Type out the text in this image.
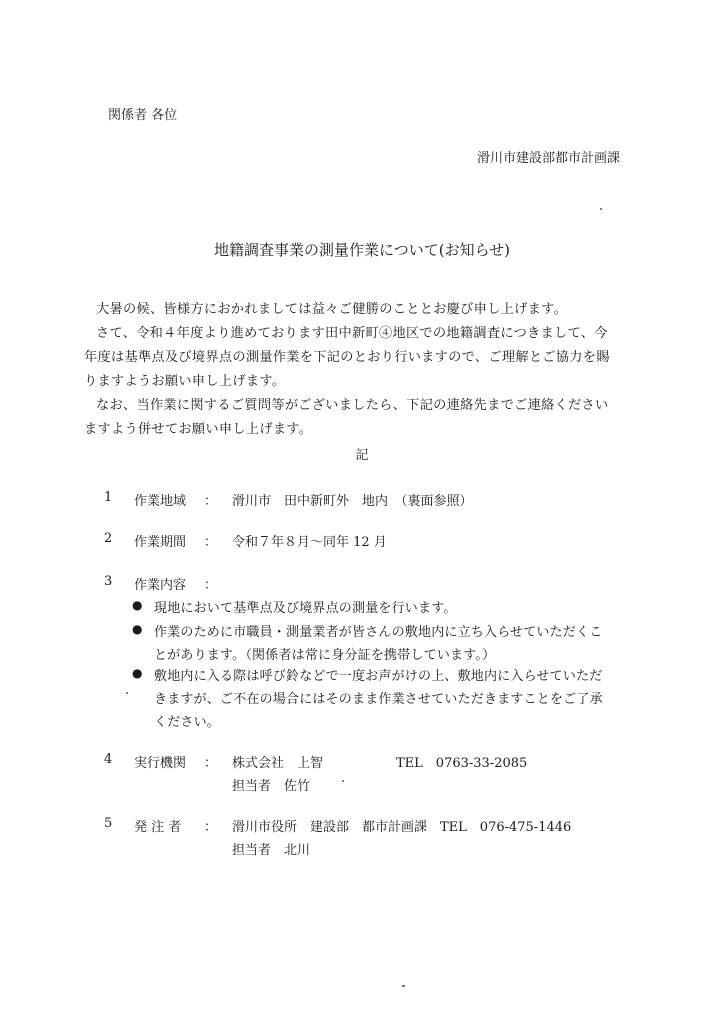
関係者 各位
滑川市建設部都市計画課
地籍調査事業の測量作業について(お知らせ)
大暑の候、皆様方におかれましては益々ご健勝のこととお慶び申し上げます。
さて、令和４年度より進めております田中新町④地区での地籍調査につきまして、今
年度は基準点及び境界点の測量作業を下記のとおり行いますので、ご理解とご協力を賜
りますようお願い申し上げます。
なお、当作業に関するご質問等がございましたら、下記の連絡先までご連絡ください
ますよう併せてお願い申し上げます。
記
1 作業地域 ： 滑川市　田中新町外　地内　（裏面参照）
2 作業期間 ： 令和７年８月～同年 12 月
3 作業内容 ：
● 現地において基準点及び境界点の測量を行います。
● 作業のために市職員・測量業者が皆さんの敷地内に立ち入らせていただくこ
とがあります。（関係者は常に身分証を携帯しています。）
● 敷地内に入る際は呼び鈴などで一度お声がけの上、敷地内に入らせていただ
きますが、ご不在の場合にはそのまま作業させていただきますことをご了承
ください。
4 実行機関 ： 株式会社　上智	TEL　0763-33-2085
担当者　佐竹
5 発 注 者 ： 滑川市役所　建設部　都市計画課　TEL　076-475-1446
担当者　北川
